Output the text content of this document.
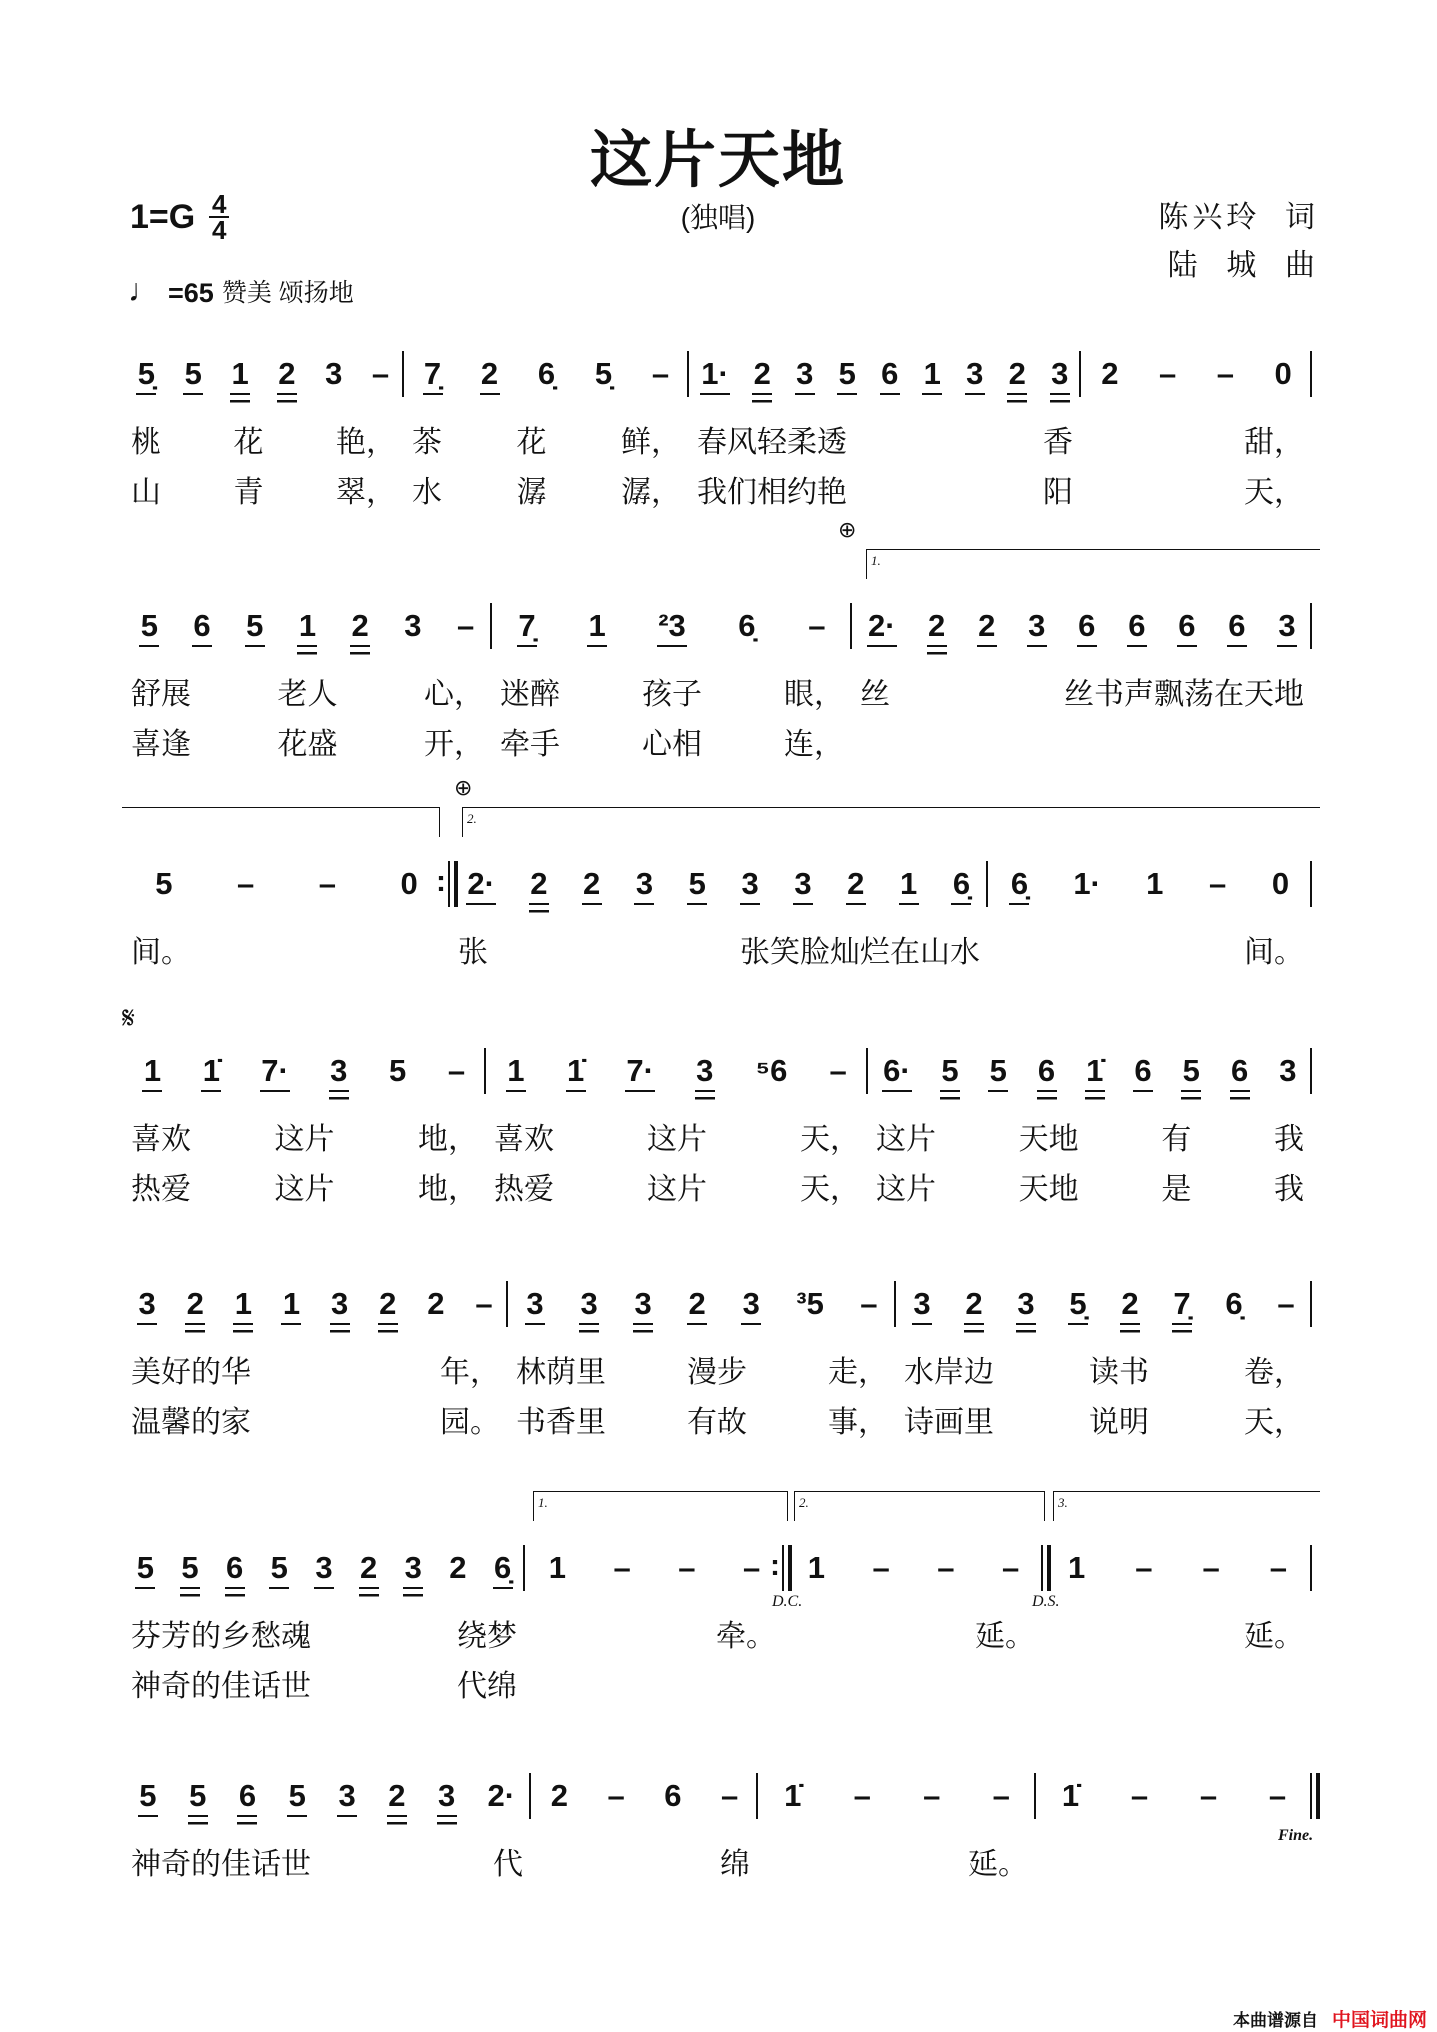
这片天地
$1=G \frac{4}{4}$	(独唱)	陈兴玲  词
陆  城  曲
♩ =65 赞美 颂扬地
5̣ 5 1 2 3 –
桃 花 艳，
山 青 翠，
7̣ 2 6̣ 5̣ –
茶 花 鲜，
水 潺 潺，
1· 2 3 5 6 1 3 2 3
春风轻柔透	香
我们相约艳	阳
2 – – 0
甜，
天，
5 6 5 1 2 3 –
舒展	老人	心，
喜逢	花盛	开，
7̣ 1 ²3 6̣ –
迷醉	孩子	眼，
牵手	心相	连，
2· 2 2 3 6 6 6 6 3
丝	丝书声飘荡在天地
1.
⊕
5 – – 0
间。
2· 2 2 3 5 3 3 2 1 6̣
张	张笑脸灿烂在山水
6̣ 1· 1 – 0
间。
:
2.
⊕
1 1̇ 7· 3 5 –
喜欢	这片	地，
热爱	这片	地，
1 1̇ 7· 3 ⁵6 –
喜欢	这片	天，
热爱	这片	天，
6· 5 5 6 1̇ 6 5 6 3
这片	天地	有	我
这片	天地	是	我
𝄋
3 2 1 1 3 2 2 –
美好的华	年，
温馨的家	园。
3 3 3 2 3 ³5 –
林荫里	漫步	走，
书香里	有故	事，
3 2 3 5̣ 2 7̣ 6̣ –
水岸边	读书	卷，
诗画里	说明	天，
5 5 6 5 3 2 3 2 6̣
芬芳的乡愁魂	绕梦
神奇的佳话世	代绵
1 – – –
牵。
1 – – –
延。
1 – – –
延。
:
1.	2.	3.
D.C.	D.S.
5 5 6 5 3 2 3 2·
神奇的佳话世	代
2 – 6 –
绵
1̇ – – –
延。
1̇ – – –
Fine.
本曲谱源自 中国词曲网
